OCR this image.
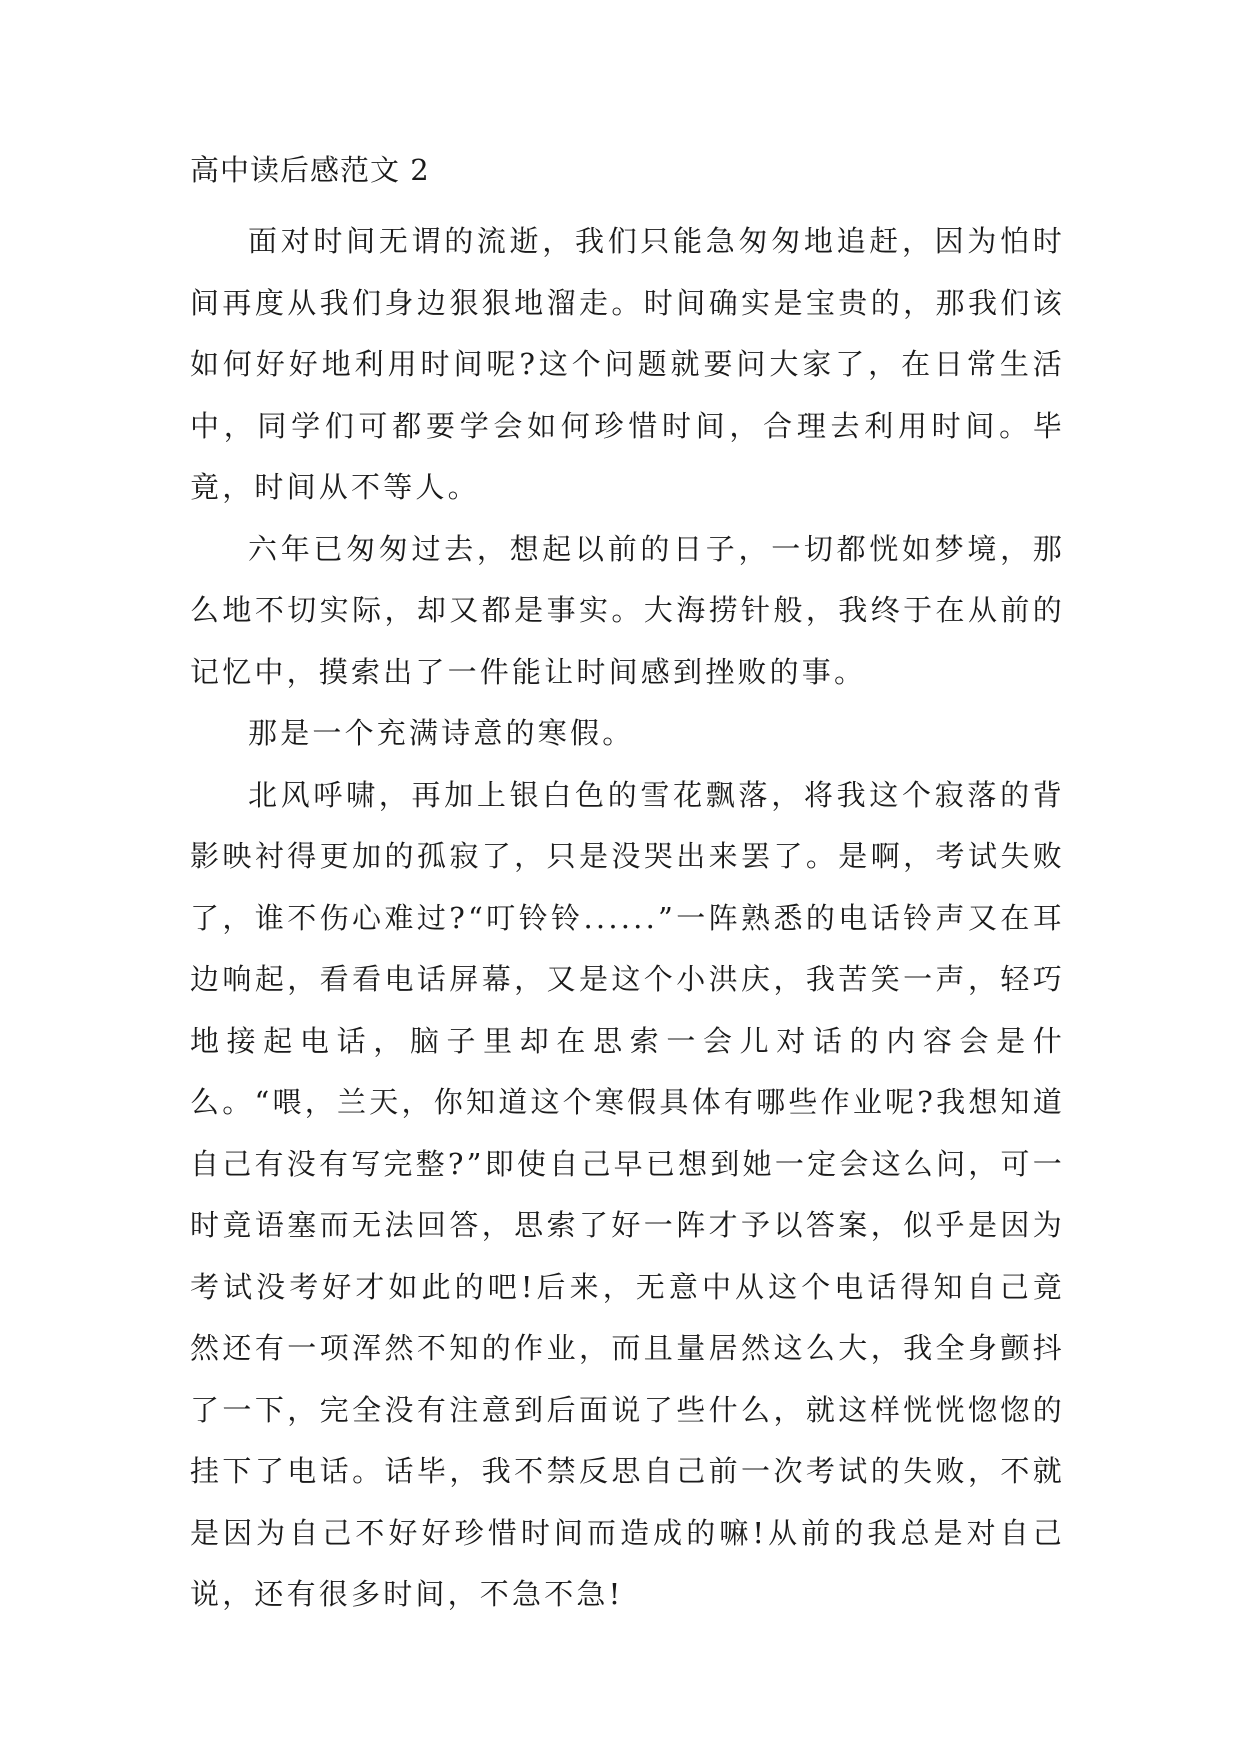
高中读后感范文 2

面对时间无谓的流逝，我们只能急匆匆地追赶，因为怕时间再度从我们身边狠狠地溜走。时间确实是宝贵的，那我们该如何好好地利用时间呢?这个问题就要问大家了，在日常生活中，同学们可都要学会如何珍惜时间，合理去利用时间。毕竟，时间从不等人。

六年已匆匆过去，想起以前的日子，一切都恍如梦境，那么地不切实际，却又都是事实。大海捞针般，我终于在从前的记忆中，摸索出了一件能让时间感到挫败的事。

那是一个充满诗意的寒假。

北风呼啸，再加上银白色的雪花飘落，将我这个寂落的背影映衬得更加的孤寂了，只是没哭出来罢了。是啊，考试失败了，谁不伤心难过?“叮铃铃......”一阵熟悉的电话铃声又在耳边响起，看看电话屏幕，又是这个小洪庆，我苦笑一声，轻巧地接起电话，脑子里却在思索一会儿对话的内容会是什么。“喂，兰天，你知道这个寒假具体有哪些作业呢?我想知道自己有没有写完整?”即使自己早已想到她一定会这么问，可一时竟语塞而无法回答，思索了好一阵才予以答案，似乎是因为考试没考好才如此的吧!后来，无意中从这个电话得知自己竟然还有一项浑然不知的作业，而且量居然这么大，我全身颤抖了一下，完全没有注意到后面说了些什么，就这样恍恍惚惚的挂下了电话。话毕，我不禁反思自己前一次考试的失败，不就是因为自己不好好珍惜时间而造成的嘛!从前的我总是对自己说，还有很多时间，不急不急!
